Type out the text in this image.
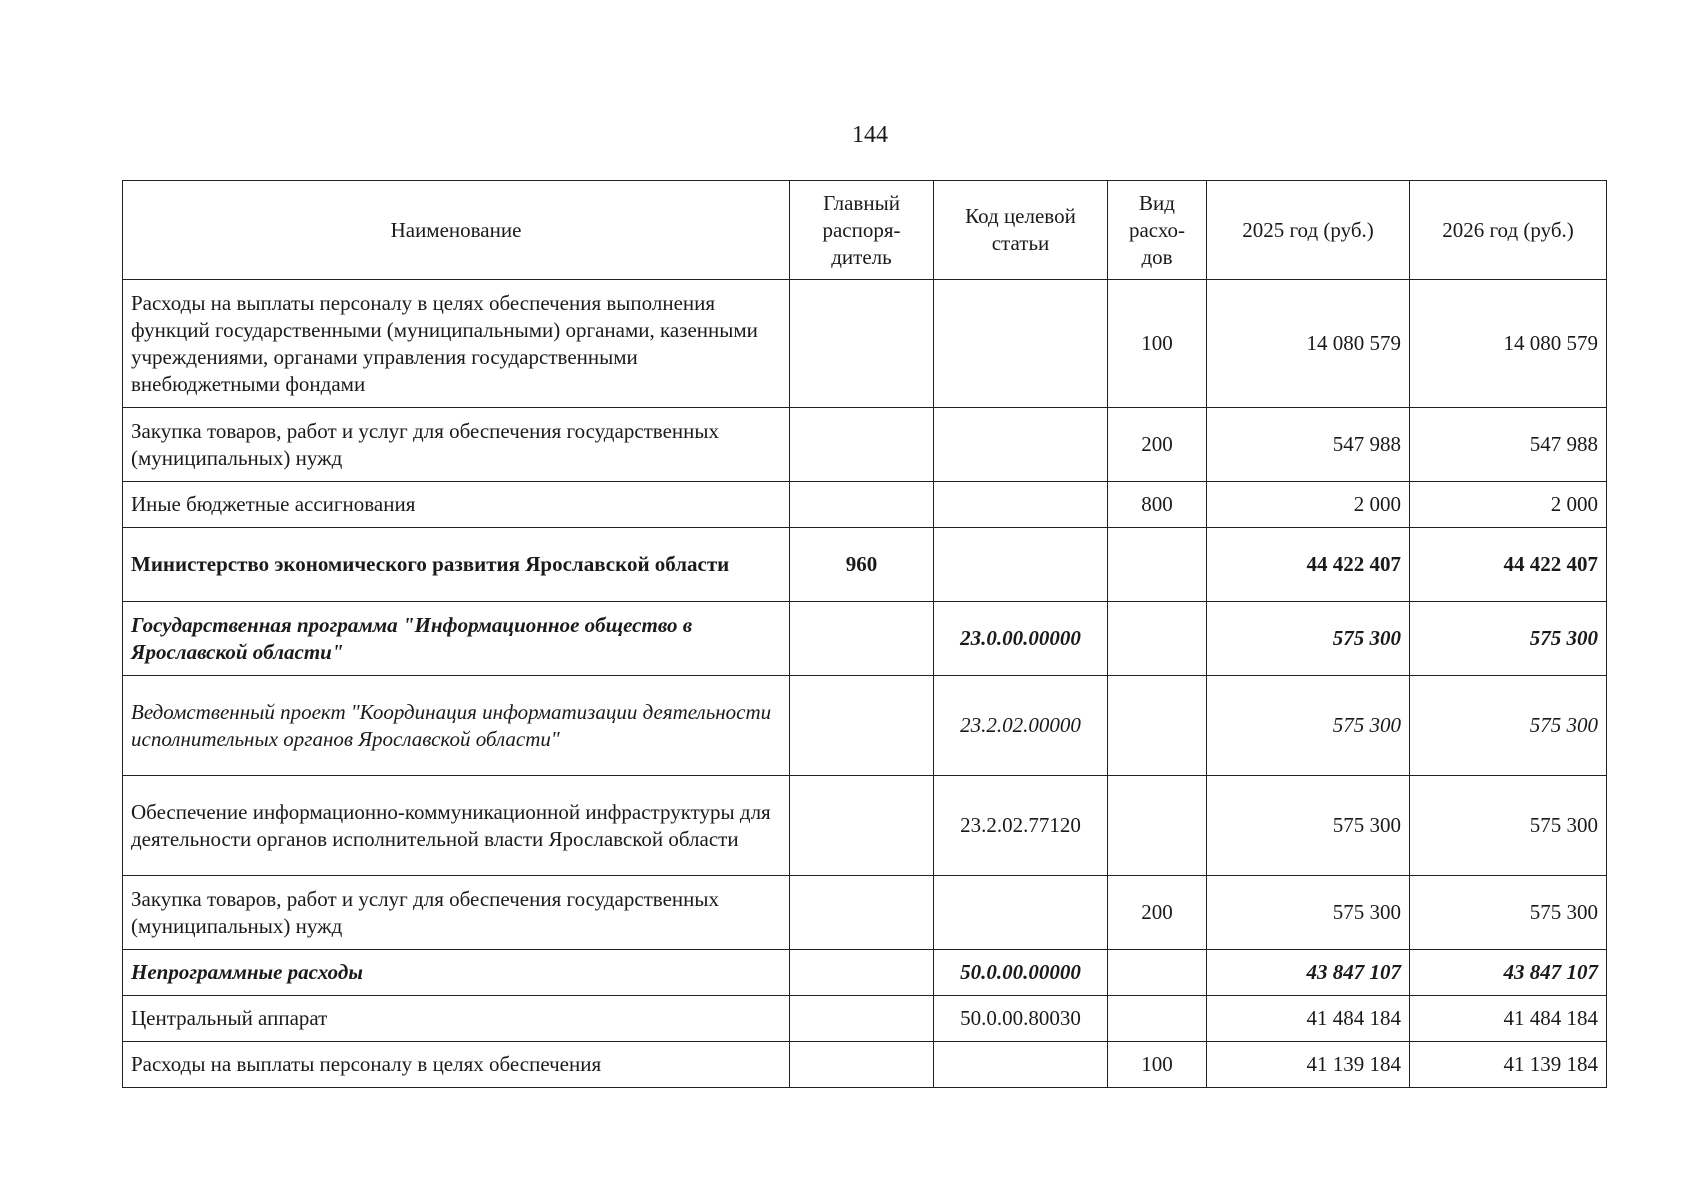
144
Наименование	Главный распоря-дитель	Код целевой статьи	Вид расхо-дов	2025 год (руб.)	2026 год (руб.)
Расходы на выплаты персоналу в целях обеспечения выполнения функций государственными (муниципальными) органами, казенными учреждениями, органами управления государственными внебюджетными фондами			100	14 080 579	14 080 579
Закупка товаров, работ и услуг для обеспечения государственных (муниципальных) нужд			200	547 988	547 988
Иные бюджетные ассигнования			800	2 000	2 000
Министерство экономического развития Ярославской области	960			44 422 407	44 422 407
Государственная программа "Информационное общество в Ярославской области"		23.0.00.00000		575 300	575 300
Ведомственный проект "Координация информатизации деятельности исполнительных органов Ярославской области"		23.2.02.00000		575 300	575 300
Обеспечение информационно-коммуникационной инфраструктуры для деятельности органов исполнительной власти Ярославской области		23.2.02.77120		575 300	575 300
Закупка товаров, работ и услуг для обеспечения государственных (муниципальных) нужд			200	575 300	575 300
Непрограммные расходы		50.0.00.00000		43 847 107	43 847 107
Центральный аппарат		50.0.00.80030		41 484 184	41 484 184
Расходы на выплаты персоналу в целях обеспечения			100	41 139 184	41 139 184
